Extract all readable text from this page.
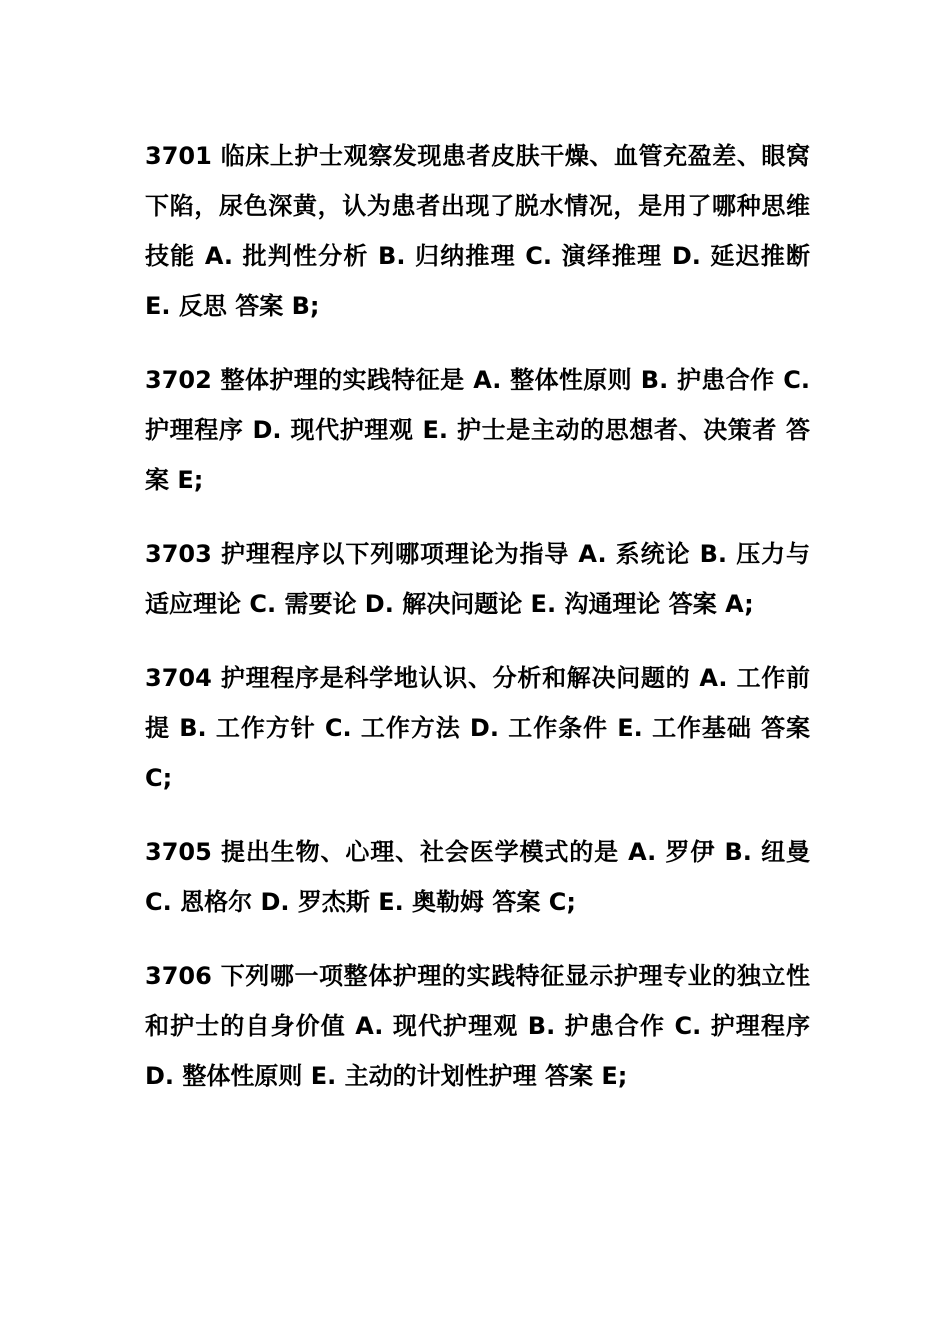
3701 临床上护士观察发现患者皮肤干燥、血管充盈差、眼窝下陷，尿色深黄，认为患者出现了脱水情况，是用了哪种思维技能 A. 批判性分析 B. 归纳推理 C. 演绎推理 D. 延迟推断 E. 反思 答案 B;

3702 整体护理的实践特征是 A. 整体性原则 B. 护患合作 C. 护理程序 D. 现代护理观 E. 护士是主动的思想者、决策者 答案 E;

3703 护理程序以下列哪项理论为指导 A. 系统论 B. 压力与适应理论 C. 需要论 D. 解决问题论 E. 沟通理论 答案 A;

3704 护理程序是科学地认识、分析和解决问题的 A. 工作前提 B. 工作方针 C. 工作方法 D. 工作条件 E. 工作基础 答案 C;

3705 提出生物、心理、社会医学模式的是 A. 罗伊 B. 纽曼 C. 恩格尔 D. 罗杰斯 E. 奥勒姆 答案 C;

3706 下列哪一项整体护理的实践特征显示护理专业的独立性和护士的自身价值 A. 现代护理观 B. 护患合作 C. 护理程序 D. 整体性原则 E. 主动的计划性护理 答案 E;
